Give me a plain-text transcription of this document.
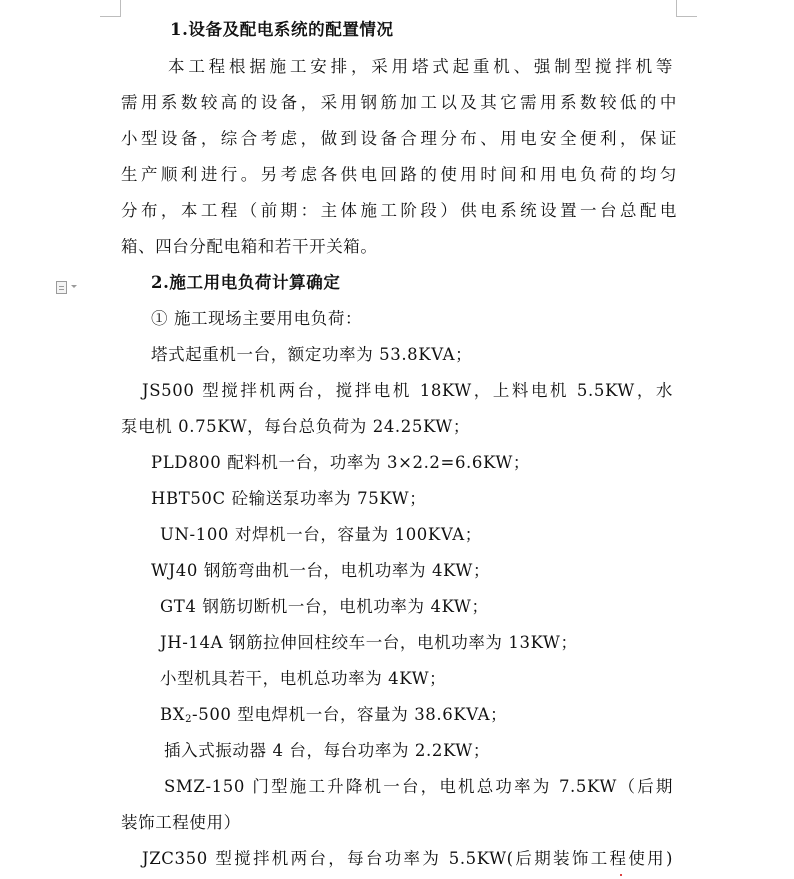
1.设备及配电系统的配置情况
本工程根据施工安排，采用塔式起重机、强制型搅拌机等
需用系数较高的设备，采用钢筋加工以及其它需用系数较低的中
小型设备，综合考虑，做到设备合理分布、用电安全便利，保证
生产顺利进行。另考虑各供电回路的使用时间和用电负荷的均匀
分布，本工程（前期：主体施工阶段）供电系统设置一台总配电
箱、四台分配电箱和若干开关箱。
2.施工用电负荷计算确定
① 施工现场主要用电负荷：
塔式起重机一台，额定功率为 53.8KVA；
JS500 型搅拌机两台，搅拌电机 18KW，上料电机 5.5KW，水
泵电机 0.75KW，每台总负荷为 24.25KW；
PLD800 配料机一台，功率为 3×2.2=6.6KW；
HBT50C 砼输送泵功率为 75KW；
UN-100 对焊机一台，容量为 100KVA；
WJ40 钢筋弯曲机一台，电机功率为 4KW；
GT4 钢筋切断机一台，电机功率为 4KW；
JH-14A 钢筋拉伸回柱绞车一台，电机功率为 13KW；
小型机具若干，电机总功率为 4KW；
$BX_2-500$ 型电焊机一台，容量为 38.6KVA；
插入式振动器 4 台，每台功率为 2.2KW；
SMZ-150 门型施工升降机一台，电机总功率为 7.5KW（后期
装饰工程使用）
JZC350 型搅拌机两台，每台功率为 5.5KW(后期装饰工程使用)
